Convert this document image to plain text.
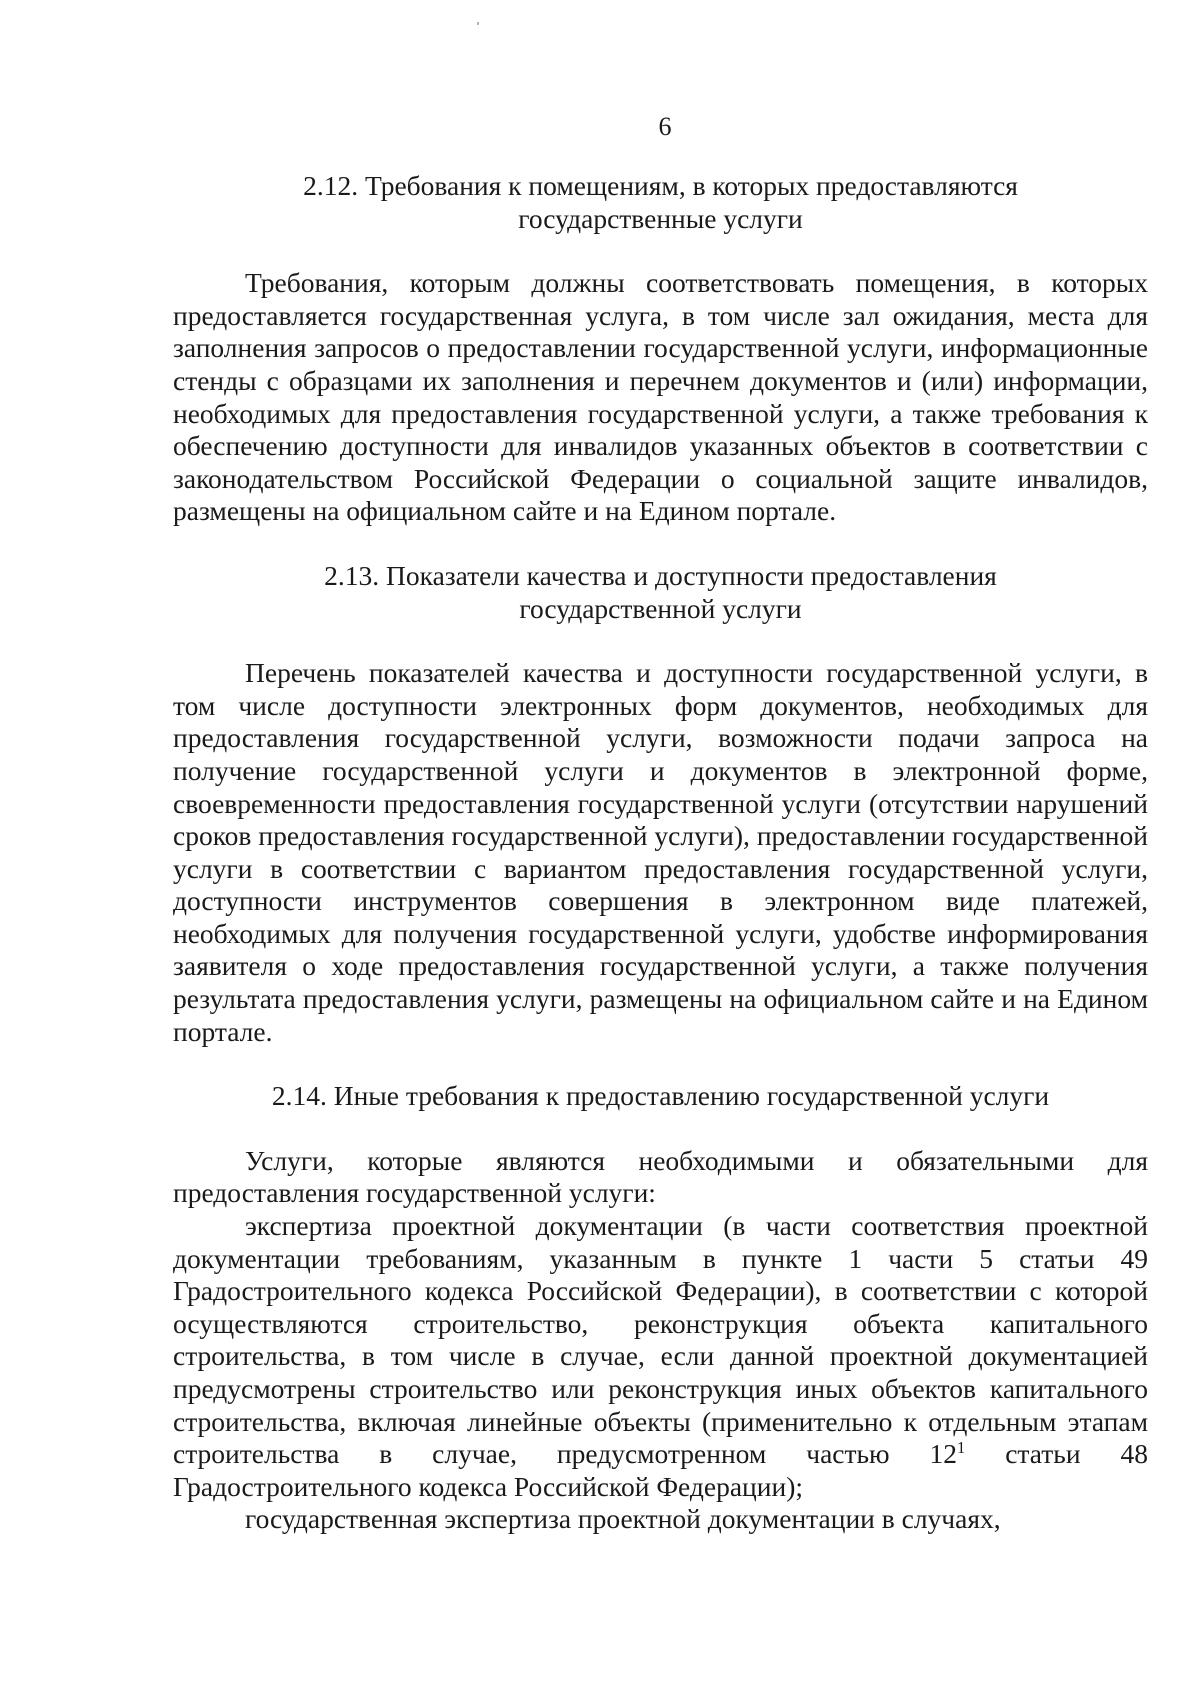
6

2.12. Требования к помещениям, в которых предоставляются
государственные услуги

Требования, которым должны соответствовать помещения, в которых предоставляется государственная услуга, в том числе зал ожидания, места для заполнения запросов о предоставлении государственной услуги, информационные стенды с образцами их заполнения и перечнем документов и (или) информации, необходимых для предоставления государственной услуги, а также требования к обеспечению доступности для инвалидов указанных объектов в соответствии с законодательством Российской Федерации о социальной защите инвалидов, размещены на официальном сайте и на Едином портале.

2.13. Показатели качества и доступности предоставления
государственной услуги

Перечень показателей качества и доступности государственной услуги, в том числе доступности электронных форм документов, необходимых для предоставления государственной услуги, возможности подачи запроса на получение государственной услуги и документов в электронной форме, своевременности предоставления государственной услуги (отсутствии нарушений сроков предоставления государственной услуги), предоставлении государственной услуги в соответствии с вариантом предоставления государственной услуги, доступности инструментов совершения в электронном виде платежей, необходимых для получения государственной услуги, удобстве информирования заявителя о ходе предоставления государственной услуги, а также получения результата предоставления услуги, размещены на официальном сайте и на Едином портале.

2.14. Иные требования к предоставлению государственной услуги

Услуги, которые являются необходимыми и обязательными для предоставления государственной услуги:

экспертиза проектной документации (в части соответствия проектной документации требованиям, указанным в пункте 1 части 5 статьи 49 Градостроительного кодекса Российской Федерации), в соответствии с которой осуществляются строительство, реконструкция объекта капитального строительства, в том числе в случае, если данной проектной документацией предусмотрены строительство или реконструкция иных объектов капитального строительства, включая линейные объекты (применительно к отдельным этапам строительства в случае, предусмотренном частью $12^1$ статьи 48 Градостроительного кодекса Российской Федерации);

государственная экспертиза проектной документации в случаях,
